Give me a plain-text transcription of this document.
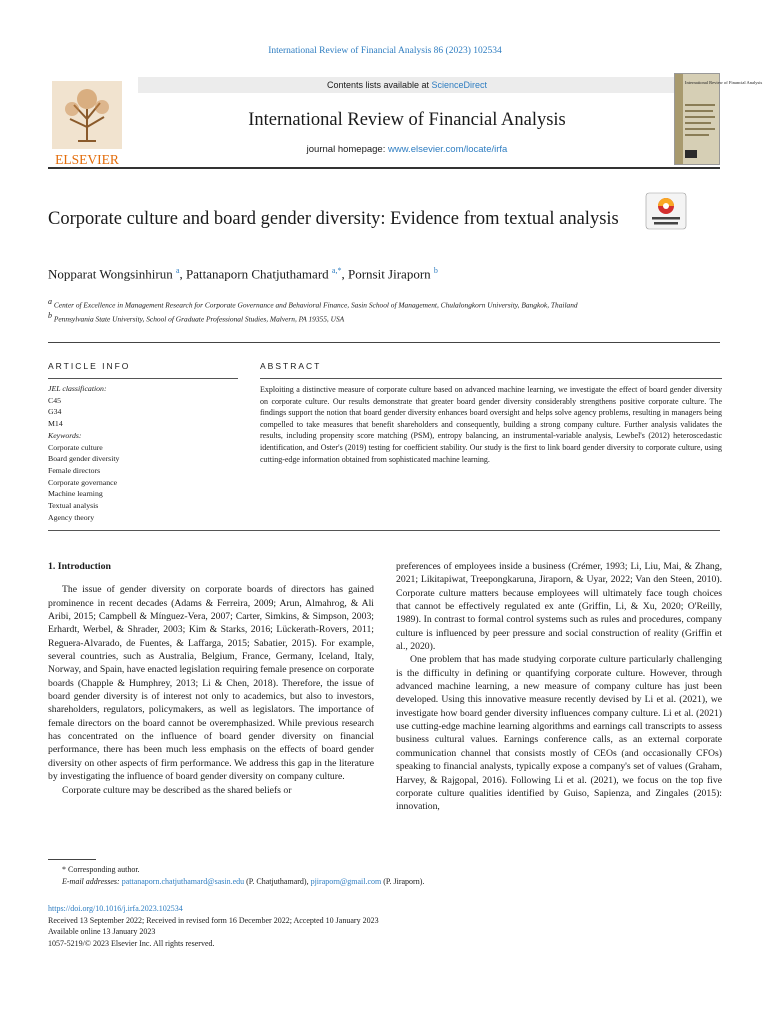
International Review of Financial Analysis 86 (2023) 102534
ELSEVIER
Contents lists available at ScienceDirect
International Review of Financial Analysis
journal homepage: www.elsevier.com/locate/irfa
International Review of Financial Analysis
Corporate culture and board gender diversity: Evidence from textual analysis
Nopparat Wongsinhirun $^a$, Pattanaporn Chatjuthamard $^{a,*}$, Pornsit Jiraporn $^b$
$^a$ Center of Excellence in Management Research for Corporate Governance and Behavioral Finance, Sasin School of Management, Chulalongkorn University, Bangkok, Thailand
$^b$ Pennsylvania State University, School of Graduate Professional Studies, Malvern, PA 19355, USA
ARTICLE INFO	ABSTRACT
JEL classification:
C45
G34
M14
Keywords:
Corporate culture
Board gender diversity
Female directors
Corporate governance
Machine learning
Textual analysis
Agency theory
Exploiting a distinctive measure of corporate culture based on advanced machine learning, we investigate the effect of board gender diversity on corporate culture. Our results demonstrate that greater board gender diversity considerably strengthens positive corporate culture. The findings support the notion that board gender diversity enhances board oversight and helps solve agency problems, resulting in managers being compelled to take measures that benefit shareholders and consequently, building a strong company culture. Further analysis validates the results, including propensity score matching (PSM), entropy balancing, an instrumental-variable analysis, Lewbel's (2012) heteroscedastic identification, and Oster's (2019) testing for coefficient stability. Our study is the first to link board gender diversity to corporate culture, using cutting-edge information obtained from sophisticated machine learning.
1. Introduction

The issue of gender diversity on corporate boards of directors has gained prominence in recent decades (Adams & Ferreira, 2009; Arun, Almahrog, & Ali Aribi, 2015; Campbell & Mínguez-Vera, 2007; Carter, Simkins, & Simpson, 2003; Erhardt, Werbel, & Shrader, 2003; Kim & Starks, 2016; Lückerath-Rovers, 2011; Reguera-Alvarado, de Fuentes, & Laffarga, 2015; Sabatier, 2015). For example, several countries, such as Australia, Belgium, France, Germany, Iceland, Italy, Norway, and Spain, have enacted legislation requiring female presence on corporate boards (Chapple & Humphrey, 2013; Li & Chen, 2018). Therefore, the issue of board gender diversity is of interest not only to academics, but also to investors, shareholders, regulators, policymakers, as well as legislators. The importance of female directors on the board cannot be overemphasized. While previous research has concentrated on the influence of board gender diversity on financial performance, there has been much less emphasis on the effects of board gender diversity on other aspects of firm performance. We address this gap in the literature by investigating the influence of board gender diversity on company culture.

Corporate culture may be described as the shared beliefs or

preferences of employees inside a business (Crémer, 1993; Li, Liu, Mai, & Zhang, 2021; Likitapiwat, Treepongkaruna, Jiraporn, & Uyar, 2022; Van den Steen, 2010). Corporate culture matters because employees will ultimately face tough choices that cannot be effectively regulated ex ante (Griffin, Li, & Xu, 2020; O'Reilly, 1989). In contrast to formal control systems such as rules and procedures, company culture is influenced by peer pressure and social construction of reality (Griffin et al., 2020).

One problem that has made studying corporate culture particularly challenging is the difficulty in defining or quantifying corporate culture. However, through advanced machine learning, a new measure of company culture has just been developed. Using this innovative measure recently devised by Li et al. (2021), we investigate how board gender diversity influences company culture. Li et al. (2021) use cutting-edge machine learning algorithms and earnings call transcripts to assess business cultural values. Earnings conference calls, as an external corporate communication channel that consists mostly of CEOs (and occasionally CFOs) speaking to financial analysts, typically expose a company's set of values (Graham, Harvey, & Rajgopal, 2016). Following Li et al. (2021), we focus on the top five corporate culture qualities identified by Guiso, Sapienza, and Zingales (2015): innovation,

* Corresponding author.
E-mail addresses: pattanaporn.chatjuthamard@sasin.edu (P. Chatjuthamard), pjiraporn@gmail.com (P. Jiraporn).
https://doi.org/10.1016/j.irfa.2023.102534
Received 13 September 2022; Received in revised form 16 December 2022; Accepted 10 January 2023
Available online 13 January 2023
1057-5219/© 2023 Elsevier Inc. All rights reserved.
